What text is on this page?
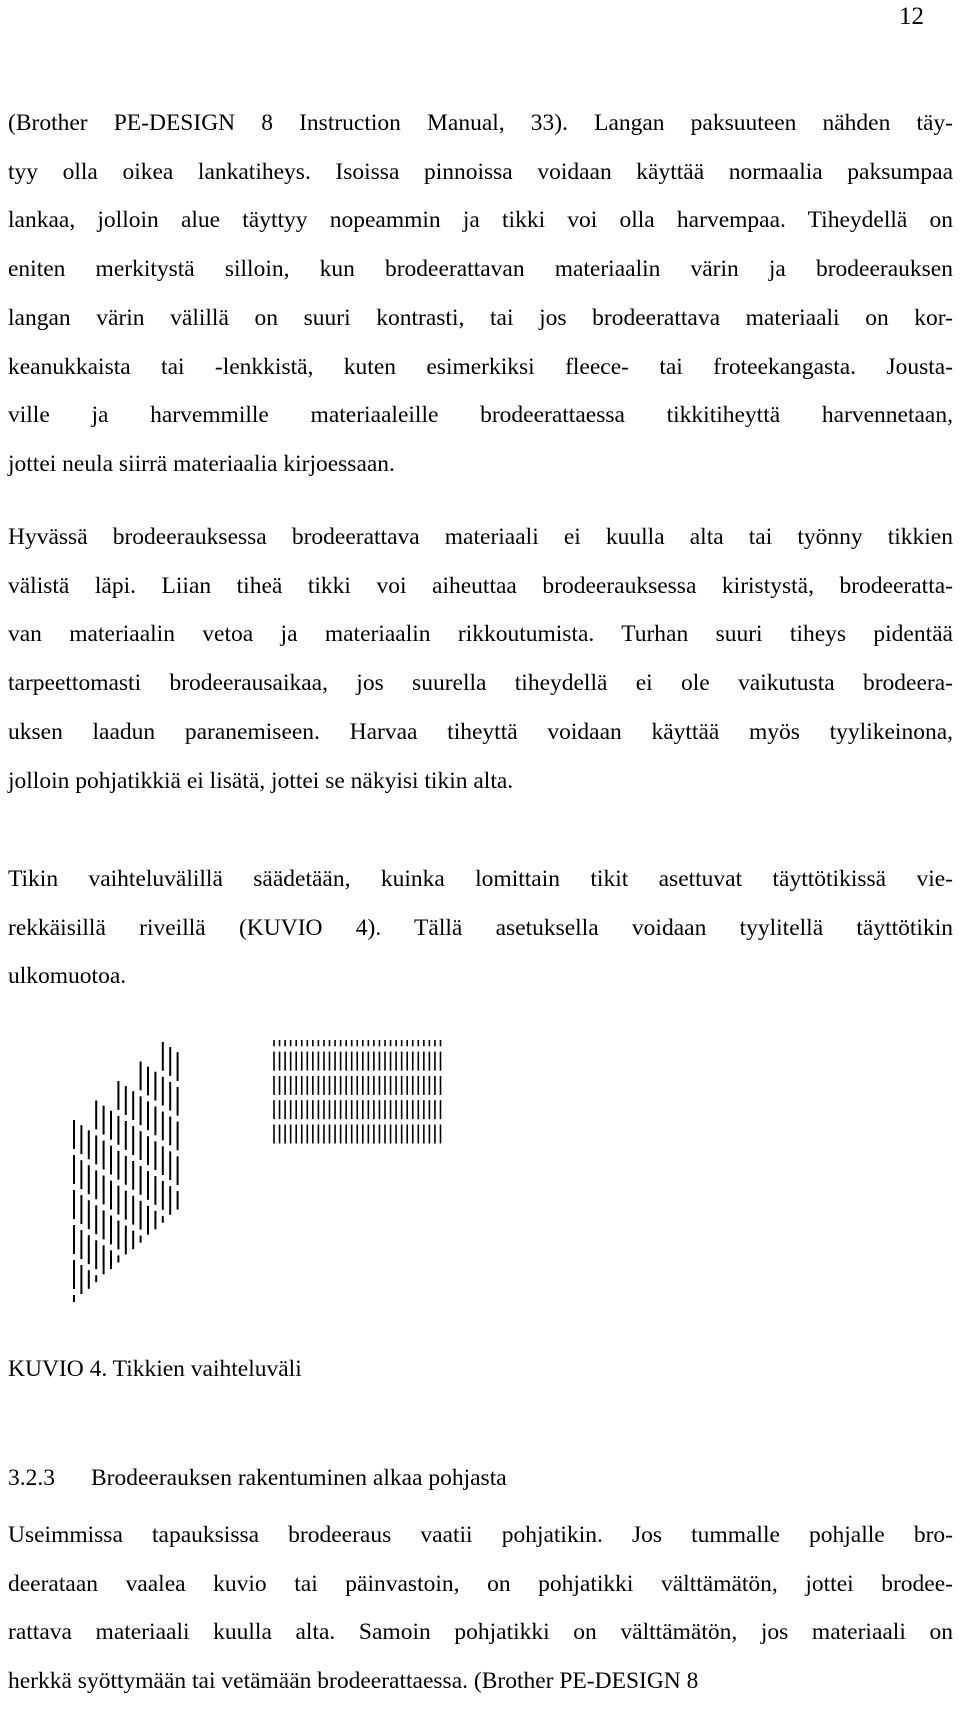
12

(Brother PE-DESIGN 8 Instruction Manual, 33). Langan paksuuteen nähden täy-
tyy olla oikea lankatiheys. Isoissa pinnoissa voidaan käyttää normaalia paksumpaa
lankaa, jolloin alue täyttyy nopeammin ja tikki voi olla harvempaa. Tiheydellä on
eniten merkitystä silloin, kun brodeerattavan materiaalin värin ja brodeerauksen
langan värin välillä on suuri kontrasti, tai jos brodeerattava materiaali on kor-
keanukkaista tai -lenkkistä, kuten esimerkiksi fleece- tai froteekangasta. Jousta-
ville ja harvemmille materiaaleille brodeerattaessa tikkitiheyttä harvennetaan,
jottei neula siirrä materiaalia kirjoessaan.

Hyvässä brodeerauksessa brodeerattava materiaali ei kuulla alta tai työnny tikkien
välistä läpi. Liian tiheä tikki voi aiheuttaa brodeerauksessa kiristystä, brodeeratta-
van materiaalin vetoa ja materiaalin rikkoutumista. Turhan suuri tiheys pidentää
tarpeettomasti brodeerausaikaa, jos suurella tiheydellä ei ole vaikutusta brodeera-
uksen laadun paranemiseen. Harvaa tiheyttä voidaan käyttää myös tyylikeinona,
jolloin pohjatikkiä ei lisätä, jottei se näkyisi tikin alta.

Tikin vaihteluvälillä säädetään, kuinka lomittain tikit asettuvat täyttötikissä vie-
rekkäisillä riveillä (KUVIO 4). Tällä asetuksella voidaan tyylitellä täyttötikin
ulkomuotoa.

KUVIO 4. Tikkien vaihteluväli
3.2.3 Brodeerauksen rakentuminen alkaa pohjasta

Useimmissa tapauksissa brodeeraus vaatii pohjatikin. Jos tummalle pohjalle bro-
deerataan vaalea kuvio tai päinvastoin, on pohjatikki välttämätön, jottei brodee-
rattava materiaali kuulla alta. Samoin pohjatikki on välttämätön, jos materiaali on
herkkä syöttymään tai vetämään brodeerattaessa. (Brother PE-DESIGN 8
